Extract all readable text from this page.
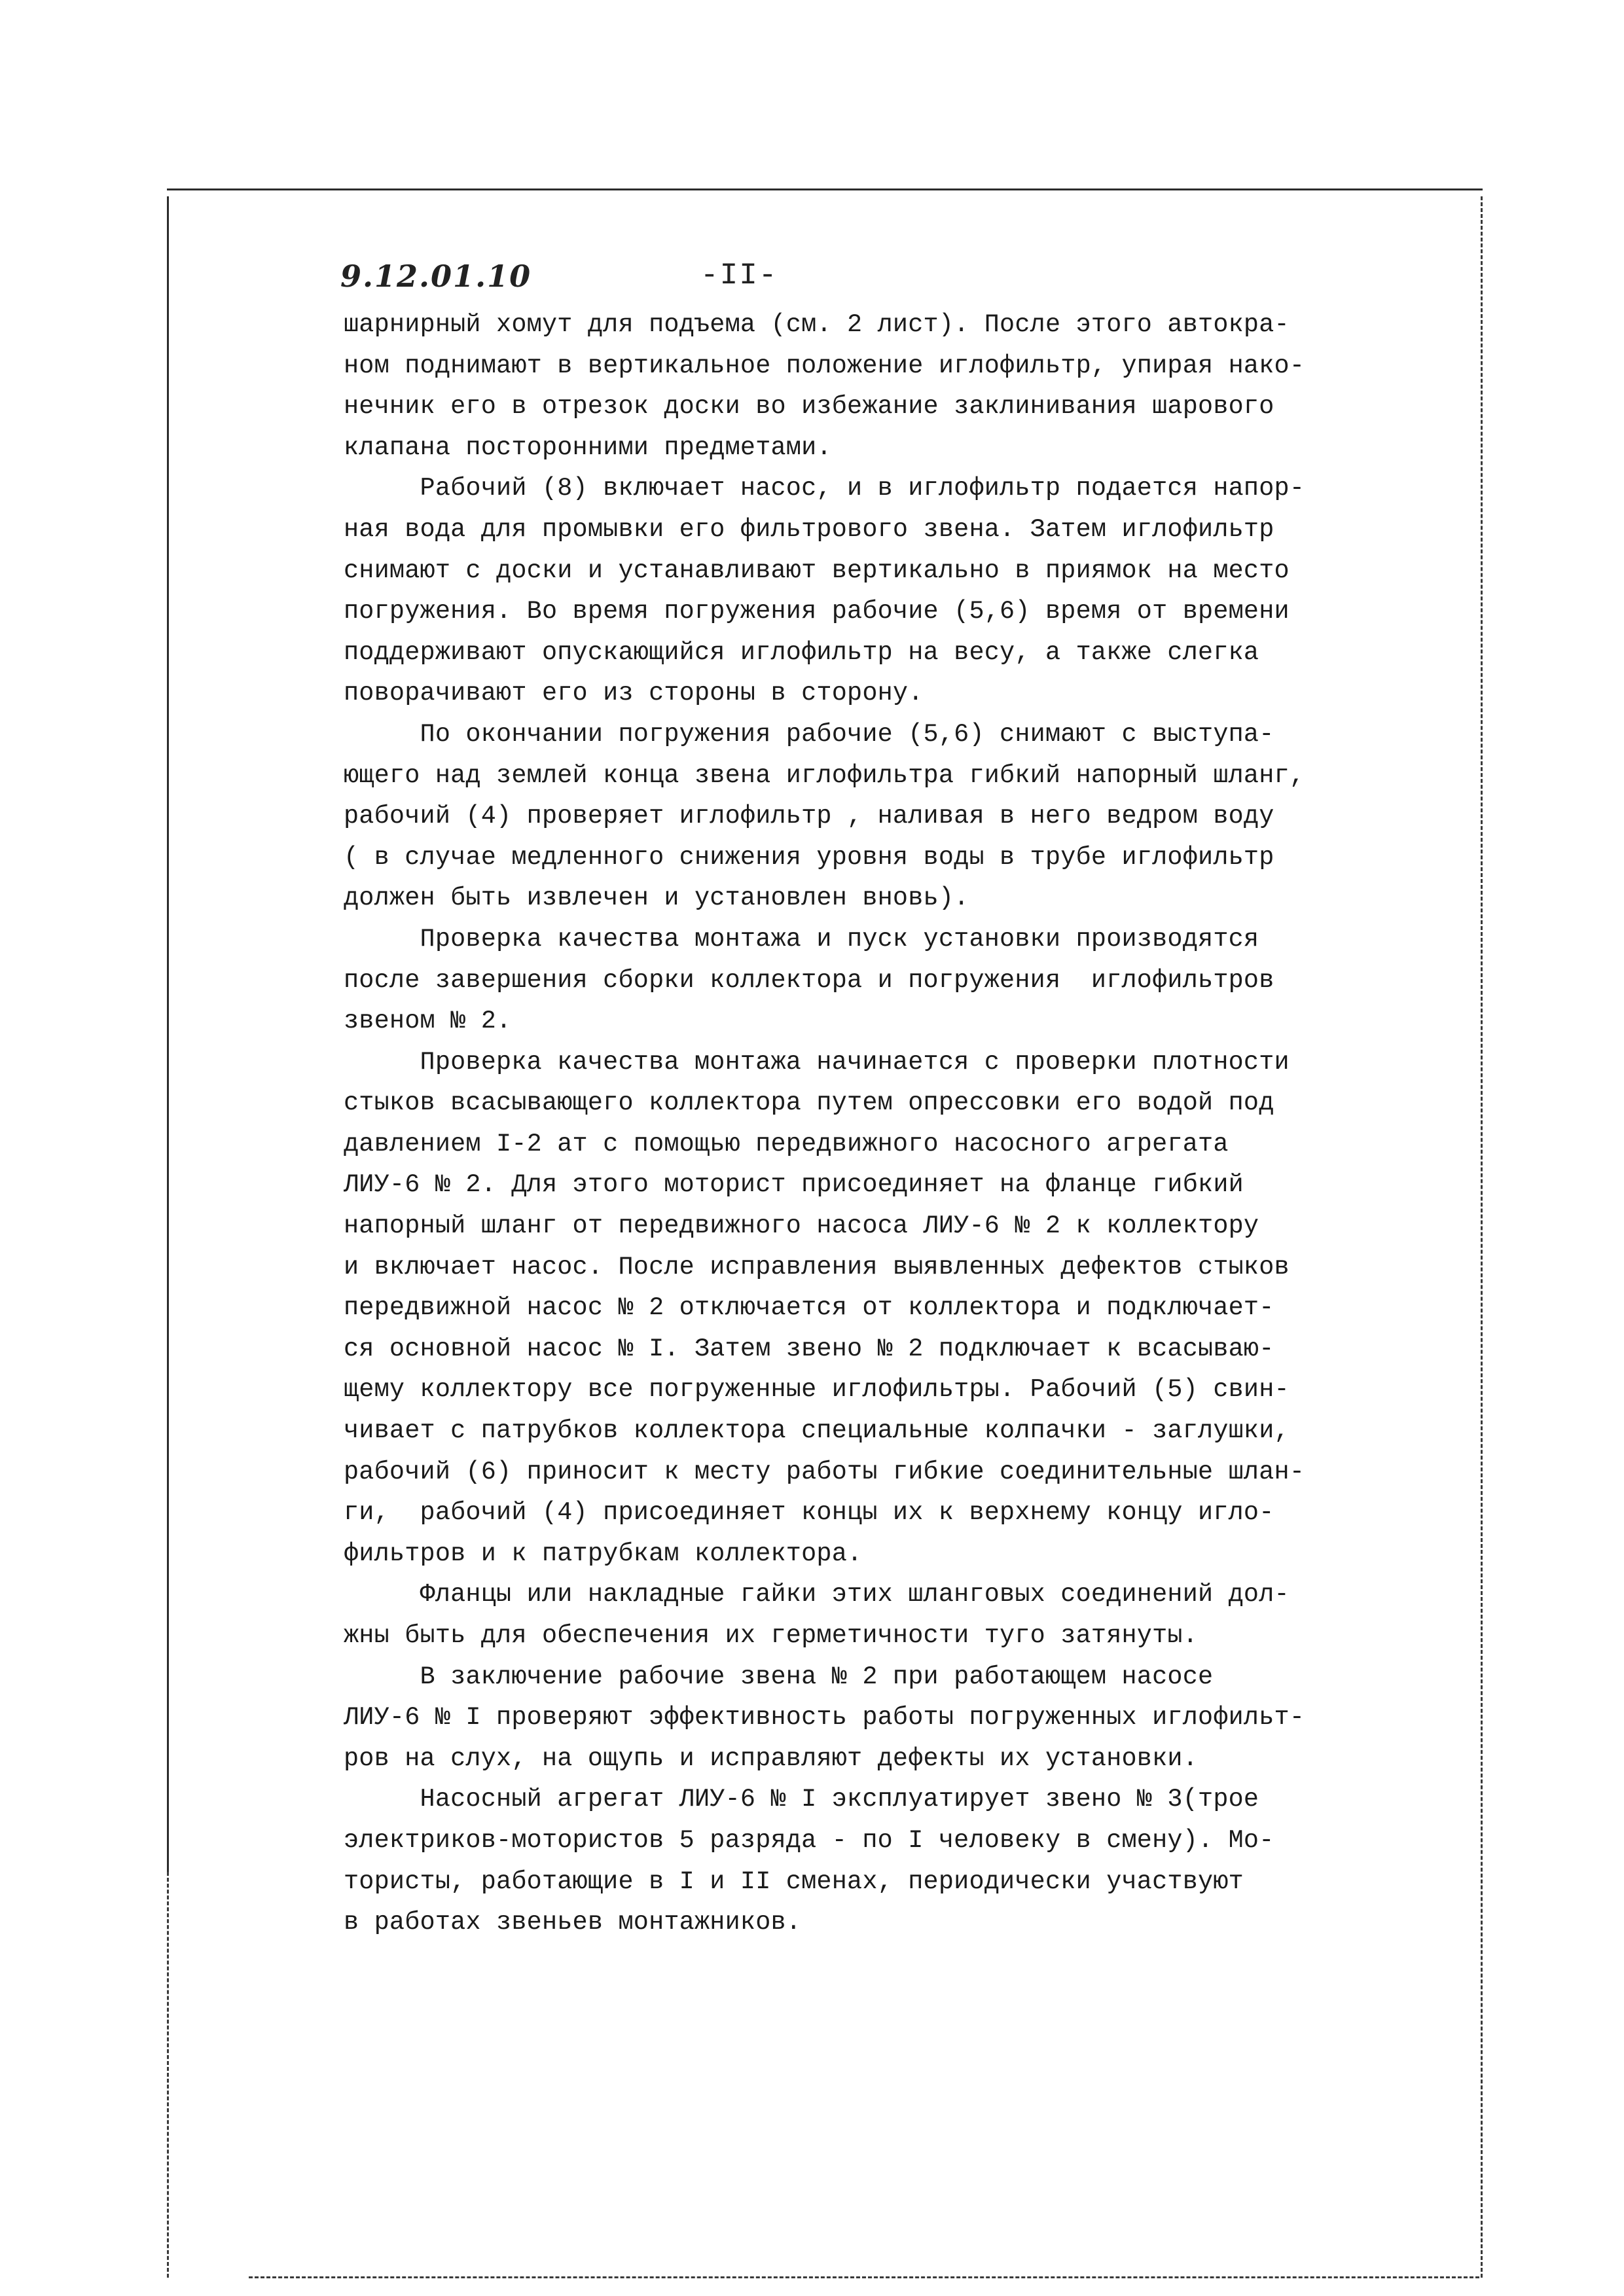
9.12.01.10	-II-
шарнирный хомут для подъема (см. 2 лист). После этого автокра-
ном поднимают в вертикальное положение иглофильтр, упирая нако-
нечник его в отрезок доски во избежание заклинивания шарового
клапана посторонними предметами.
Рабочий (8) включает насос, и в иглофильтр подается напор-
ная вода для промывки его фильтрового звена. Затем иглофильтр
снимают с доски и устанавливают вертикально в приямок на место
погружения. Во время погружения рабочие (5,6) время от времени
поддерживают опускающийся иглофильтр на весу, а также слегка
поворачивают его из стороны в сторону.
По окончании погружения рабочие (5,6) снимают с выступа-
ющего над землей конца звена иглофильтра гибкий напорный шланг,
рабочий (4) проверяет иглофильтр , наливая в него ведром воду
( в случае медленного снижения уровня воды в трубе иглофильтр
должен быть извлечен и установлен вновь).
Проверка качества монтажа и пуск установки производятся
после завершения сборки коллектора и погружения  иглофильтров
звеном № 2.
Проверка качества монтажа начинается с проверки плотности
стыков всасывающего коллектора путем опрессовки его водой под
давлением I-2 ат с помощью передвижного насосного агрегата
ЛИУ-6 № 2. Для этого моторист присоединяет на фланце гибкий
напорный шланг от передвижного насоса ЛИУ-6 № 2 к коллектору
и включает насос. После исправления выявленных дефектов стыков
передвижной насос № 2 отключается от коллектора и подключает-
ся основной насос № I. Затем звено № 2 подключает к всасываю-
щему коллектору все погруженные иглофильтры. Рабочий (5) свин-
чивает с патрубков коллектора специальные колпачки - заглушки,
рабочий (6) приносит к месту работы гибкие соединительные шлан-
ги,  рабочий (4) присоединяет концы их к верхнему концу игло-
фильтров и к патрубкам коллектора.
Фланцы или накладные гайки этих шланговых соединений дол-
жны быть для обеспечения их герметичности туго затянуты.
В заключение рабочие звена № 2 при работающем насосе
ЛИУ-6 № I проверяют эффективность работы погруженных иглофильт-
ров на слух, на ощупь и исправляют дефекты их установки.
Насосный агрегат ЛИУ-6 № I эксплуатирует звено № 3(трое
электриков-мотористов 5 разряда - по I человеку в смену). Мо-
тористы, работающие в I и II сменах, периодически участвуют
в работах звеньев монтажников.
